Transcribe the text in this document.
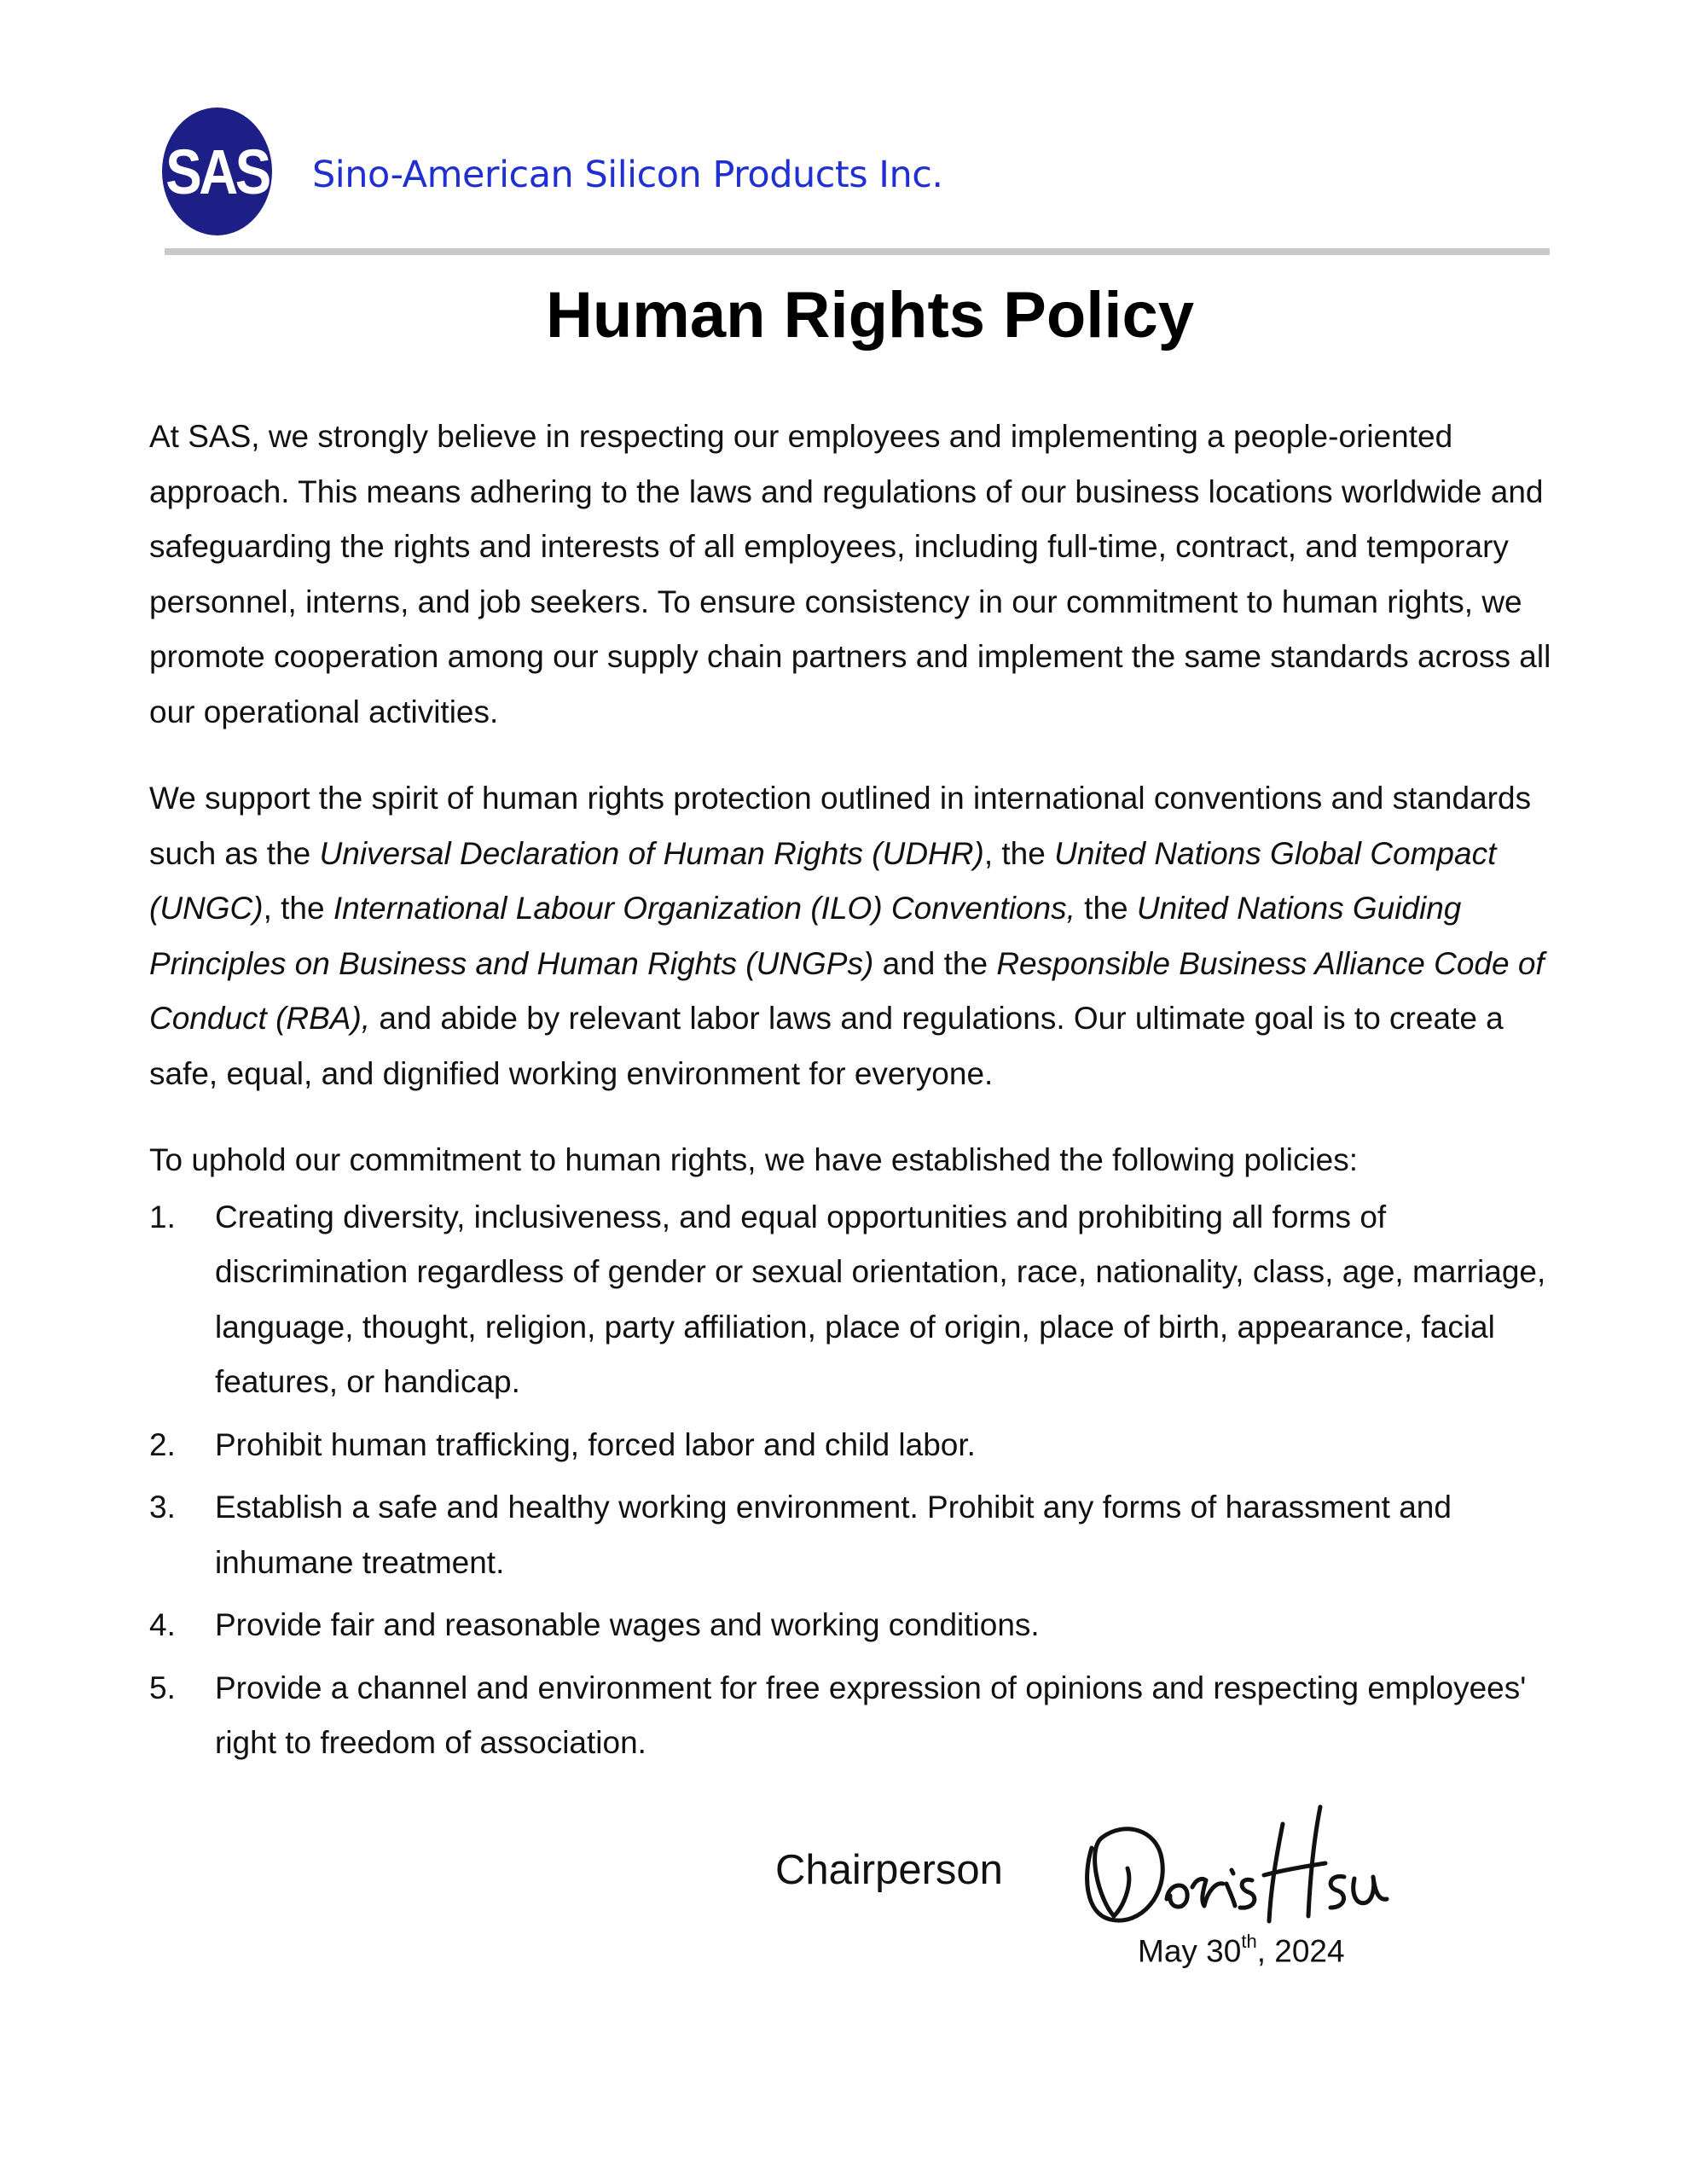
SAS Sino-American Silicon Products Inc.
Human Rights Policy

At SAS, we strongly believe in respecting our employees and implementing a people-oriented approach. This means adhering to the laws and regulations of our business locations worldwide and safeguarding the rights and interests of all employees, including full-time, contract, and temporary personnel, interns, and job seekers. To ensure consistency in our commitment to human rights, we promote cooperation among our supply chain partners and implement the same standards across all our operational activities.

We support the spirit of human rights protection outlined in international conventions and standards such as the Universal Declaration of Human Rights (UDHR), the United Nations Global Compact (UNGC), the International Labour Organization (ILO) Conventions, the United Nations Guiding Principles on Business and Human Rights (UNGPs) and the Responsible Business Alliance Code of Conduct (RBA), and abide by relevant labor laws and regulations. Our ultimate goal is to create a safe, equal, and dignified working environment for everyone.

To uphold our commitment to human rights, we have established the following policies:

1.	Creating diversity, inclusiveness, and equal opportunities and prohibiting all forms of discrimination regardless of gender or sexual orientation, race, nationality, class, age, marriage, language, thought, religion, party affiliation, place of origin, place of birth, appearance, facial features, or handicap.
2.	Prohibit human trafficking, forced labor and child labor.
3.	Establish a safe and healthy working environment. Prohibit any forms of harassment and inhumane treatment.
4.	Provide fair and reasonable wages and working conditions.
5.	Provide a channel and environment for free expression of opinions and respecting employees' right to freedom of association.
Chairperson
May 30th, 2024
